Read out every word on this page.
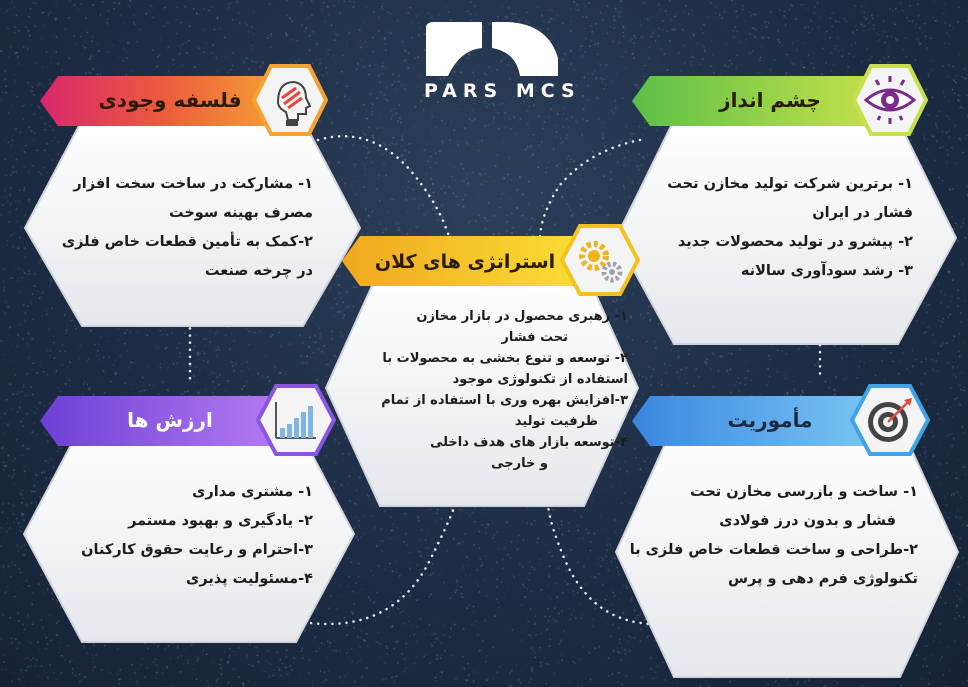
PARS MCS
فلسفه وجودی
۱- مشارکت در ساخت سخت افزار
مصرف بهینه سوخت
۲-کمک به تأمین قطعات خاص فلزی
در چرخه صنعت
چشم انداز
۱- برترین شرکت تولید مخازن تحت
فشار در ایران
۲- پیشرو در تولید محصولات جدید
۳- رشد سودآوری سالانه
استراتژی های کلان
۱- رهبری محصول در بازار مخازن
تحت فشار
۲- توسعه و تنوع بخشی به محصولات با
استفاده از تکنولوژی موجود
۳-افزایش بهره وری با استفاده از تمام
ظرفیت تولید
۴-توسعه بازار های هدف داخلی
و خارجی
ارزش ها
۱- مشتری مداری
۲- یادگیری و بهبود مستمر
۳-احترام و رعایت حقوق کارکنان
۴-مسئولیت پذیری
مأموریت
۱- ساخت و بازرسی مخازن تحت
فشار و بدون درز فولادی
۲-طراحی و ساخت قطعات خاص فلزی با
تکنولوژی فرم دهی و پرس
